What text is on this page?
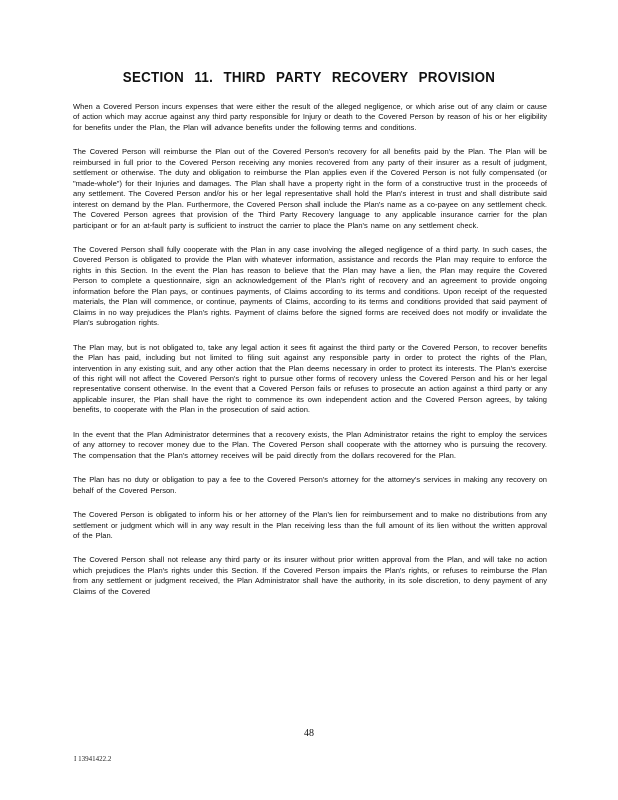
SECTION 11. THIRD PARTY RECOVERY PROVISION

When a Covered Person incurs expenses that were either the result of the alleged negligence, or which arise out of any claim or cause of action which may accrue against any third party responsible for Injury or death to the Covered Person by reason of his or her eligibility for benefits under the Plan, the Plan will advance benefits under the following terms and conditions.

The Covered Person will reimburse the Plan out of the Covered Person's recovery for all benefits paid by the Plan. The Plan will be reimbursed in full prior to the Covered Person receiving any monies recovered from any party of their insurer as a result of judgment, settlement or otherwise. The duty and obligation to reimburse the Plan applies even if the Covered Person is not fully compensated (or "made-whole") for their Injuries and damages. The Plan shall have a property right in the form of a constructive trust in the proceeds of any settlement. The Covered Person and/or his or her legal representative shall hold the Plan's interest in trust and shall distribute said interest on demand by the Plan. Furthermore, the Covered Person shall include the Plan's name as a co-payee on any settlement check. The Covered Person agrees that provision of the Third Party Recovery language to any applicable insurance carrier for the plan participant or for an at-fault party is sufficient to instruct the carrier to place the Plan's name on any settlement check.

The Covered Person shall fully cooperate with the Plan in any case involving the alleged negligence of a third party. In such cases, the Covered Person is obligated to provide the Plan with whatever information, assistance and records the Plan may require to enforce the rights in this Section. In the event the Plan has reason to believe that the Plan may have a lien, the Plan may require the Covered Person to complete a questionnaire, sign an acknowledgement of the Plan's right of recovery and an agreement to provide ongoing information before the Plan pays, or continues payments, of Claims according to its terms and conditions. Upon receipt of the requested materials, the Plan will commence, or continue, payments of Claims, according to its terms and conditions provided that said payment of Claims in no way prejudices the Plan's rights. Payment of claims before the signed forms are received does not modify or invalidate the Plan's subrogation rights.

The Plan may, but is not obligated to, take any legal action it sees fit against the third party or the Covered Person, to recover benefits the Plan has paid, including but not limited to filing suit against any responsible party in order to protect the rights of the Plan, intervention in any existing suit, and any other action that the Plan deems necessary in order to protect its interests. The Plan's exercise of this right will not affect the Covered Person's right to pursue other forms of recovery unless the Covered Person and his or her legal representative consent otherwise. In the event that a Covered Person fails or refuses to prosecute an action against a third party or any applicable insurer, the Plan shall have the right to commence its own independent action and the Covered Person agrees, by taking benefits, to cooperate with the Plan in the prosecution of said action.

In the event that the Plan Administrator determines that a recovery exists, the Plan Administrator retains the right to employ the services of any attorney to recover money due to the Plan. The Covered Person shall cooperate with the attorney who is pursuing the recovery. The compensation that the Plan's attorney receives will be paid directly from the dollars recovered for the Plan.

The Plan has no duty or obligation to pay a fee to the Covered Person's attorney for the attorney's services in making any recovery on behalf of the Covered Person.

The Covered Person is obligated to inform his or her attorney of the Plan's lien for reimbursement and to make no distributions from any settlement or judgment which will in any way result in the Plan receiving less than the full amount of its lien without the written approval of the Plan.

The Covered Person shall not release any third party or its insurer without prior written approval from the Plan, and will take no action which prejudices the Plan's rights under this Section. If the Covered Person impairs the Plan's rights, or refuses to reimburse the Plan from any settlement or judgment received, the Plan Administrator shall have the authority, in its sole discretion, to deny payment of any Claims of the Covered

48
I 13941422.2
